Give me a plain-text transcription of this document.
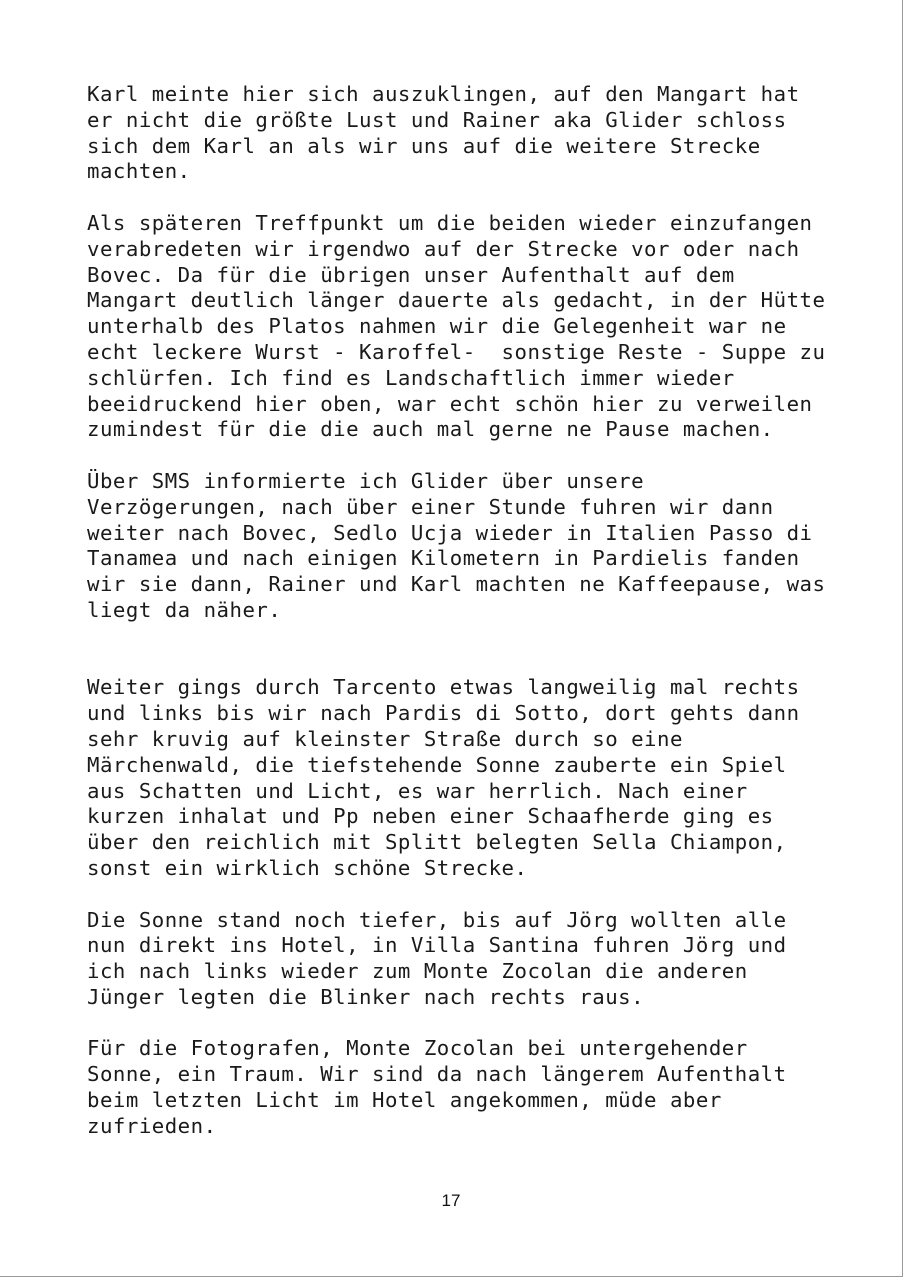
Karl meinte hier sich auszuklingen, auf den Mangart hat
er nicht die größte Lust und Rainer aka Glider schloss
sich dem Karl an als wir uns auf die weitere Strecke
machten.
Als späteren Treffpunkt um die beiden wieder einzufangen
verabredeten wir irgendwo auf der Strecke vor oder nach
Bovec. Da für die übrigen unser Aufenthalt auf dem
Mangart deutlich länger dauerte als gedacht, in der Hütte
unterhalb des Platos nahmen wir die Gelegenheit war ne
echt leckere Wurst - Karoffel-  sonstige Reste - Suppe zu
schlürfen. Ich find es Landschaftlich immer wieder
beeidruckend hier oben, war echt schön hier zu verweilen
zumindest für die die auch mal gerne ne Pause machen.
Über SMS informierte ich Glider über unsere
Verzögerungen, nach über einer Stunde fuhren wir dann
weiter nach Bovec, Sedlo Ucja wieder in Italien Passo di
Tanamea und nach einigen Kilometern in Pardielis fanden
wir sie dann, Rainer und Karl machten ne Kaffeepause, was
liegt da näher.
Weiter gings durch Tarcento etwas langweilig mal rechts
und links bis wir nach Pardis di Sotto, dort gehts dann
sehr kruvig auf kleinster Straße durch so eine
Märchenwald, die tiefstehende Sonne zauberte ein Spiel
aus Schatten und Licht, es war herrlich. Nach einer
kurzen inhalat und Pp neben einer Schaafherde ging es
über den reichlich mit Splitt belegten Sella Chiampon,
sonst ein wirklich schöne Strecke.
Die Sonne stand noch tiefer, bis auf Jörg wollten alle
nun direkt ins Hotel, in Villa Santina fuhren Jörg und
ich nach links wieder zum Monte Zocolan die anderen
Jünger legten die Blinker nach rechts raus.
Für die Fotografen, Monte Zocolan bei untergehender
Sonne, ein Traum. Wir sind da nach längerem Aufenthalt
beim letzten Licht im Hotel angekommen, müde aber
zufrieden.
17
